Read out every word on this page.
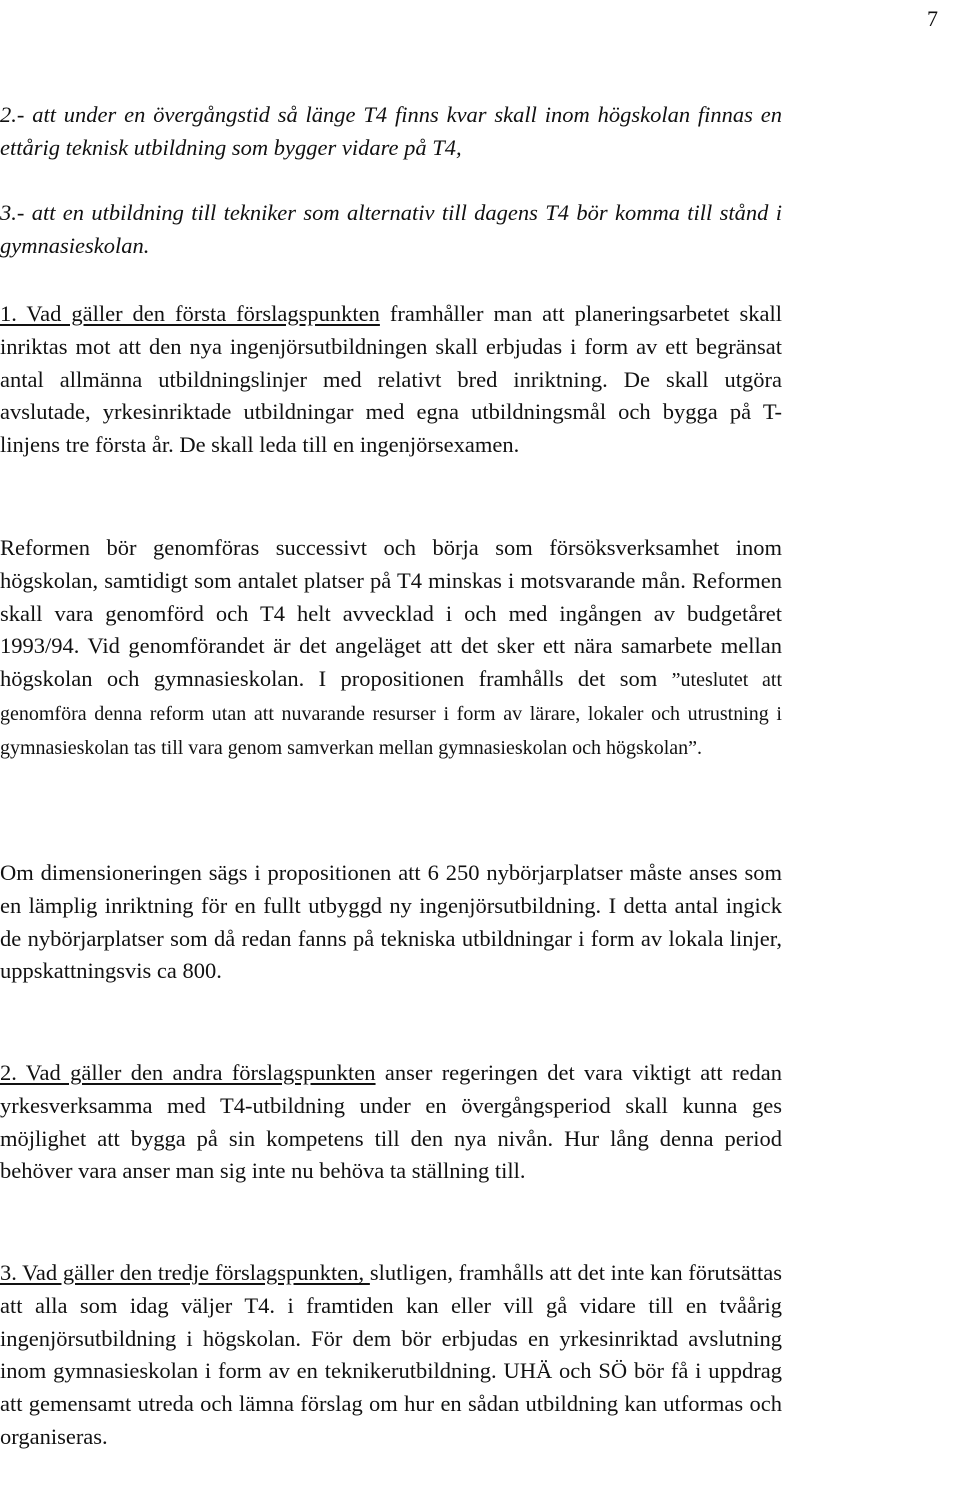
7

2.- att under en övergångstid så länge T4 finns kvar skall inom högskolan finnas en ettårig teknisk utbildning som bygger vidare på T4,

3.- att en utbildning till tekniker som alternativ till dagens T4 bör komma till stånd i gymnasieskolan.

1. Vad gäller den första förslagspunkten framhåller man att planeringsarbetet skall inriktas mot att den nya ingenjörsutbildningen skall erbjudas i form av ett begränsat antal allmänna utbildningslinjer med relativt bred inriktning. De skall utgöra avslutade, yrkesinriktade utbildningar med egna utbildningsmål och bygga på T-linjens tre första år. De skall leda till en ingenjörsexamen.

Reformen bör genomföras successivt och börja som försöksverksamhet inom högskolan, samtidigt som antalet platser på T4 minskas i motsvarande mån. Reformen skall vara genomförd och T4 helt avvecklad i och med ingången av budgetåret 1993/94. Vid genomförandet är det angeläget att det sker ett nära samarbete mellan högskolan och gymnasieskolan. I propositionen framhålls det som ”uteslutet att genomföra denna reform utan att nuvarande resurser i form av lärare, lokaler och utrustning i gymnasieskolan tas till vara genom samverkan mellan gymnasieskolan och högskolan”.

Om dimensioneringen sägs i propositionen att 6 250 nybörjarplatser måste anses som en lämplig inriktning för en fullt utbyggd ny ingenjörsutbildning. I detta antal ingick de nybörjarplatser som då redan fanns på tekniska utbildningar i form av lokala linjer, uppskattningsvis ca 800.

2. Vad gäller den andra förslagspunkten anser regeringen det vara viktigt att redan yrkesverksamma med T4-utbildning under en övergångsperiod skall kunna ges möjlighet att bygga på sin kompetens till den nya nivån. Hur lång denna period behöver vara anser man sig inte nu behöva ta ställning till.

3. Vad gäller den tredje förslagspunkten, slutligen, framhålls att det inte kan förutsättas att alla som idag väljer T4. i framtiden kan eller vill gå vidare till en tvåårig ingenjörsutbildning i högskolan. För dem bör erbjudas en yrkesinriktad avslutning inom gymnasieskolan i form av en teknikerutbildning. UHÄ och SÖ bör få i uppdrag att gemensamt utreda och lämna förslag om hur en sådan utbildning kan utformas och organiseras.
